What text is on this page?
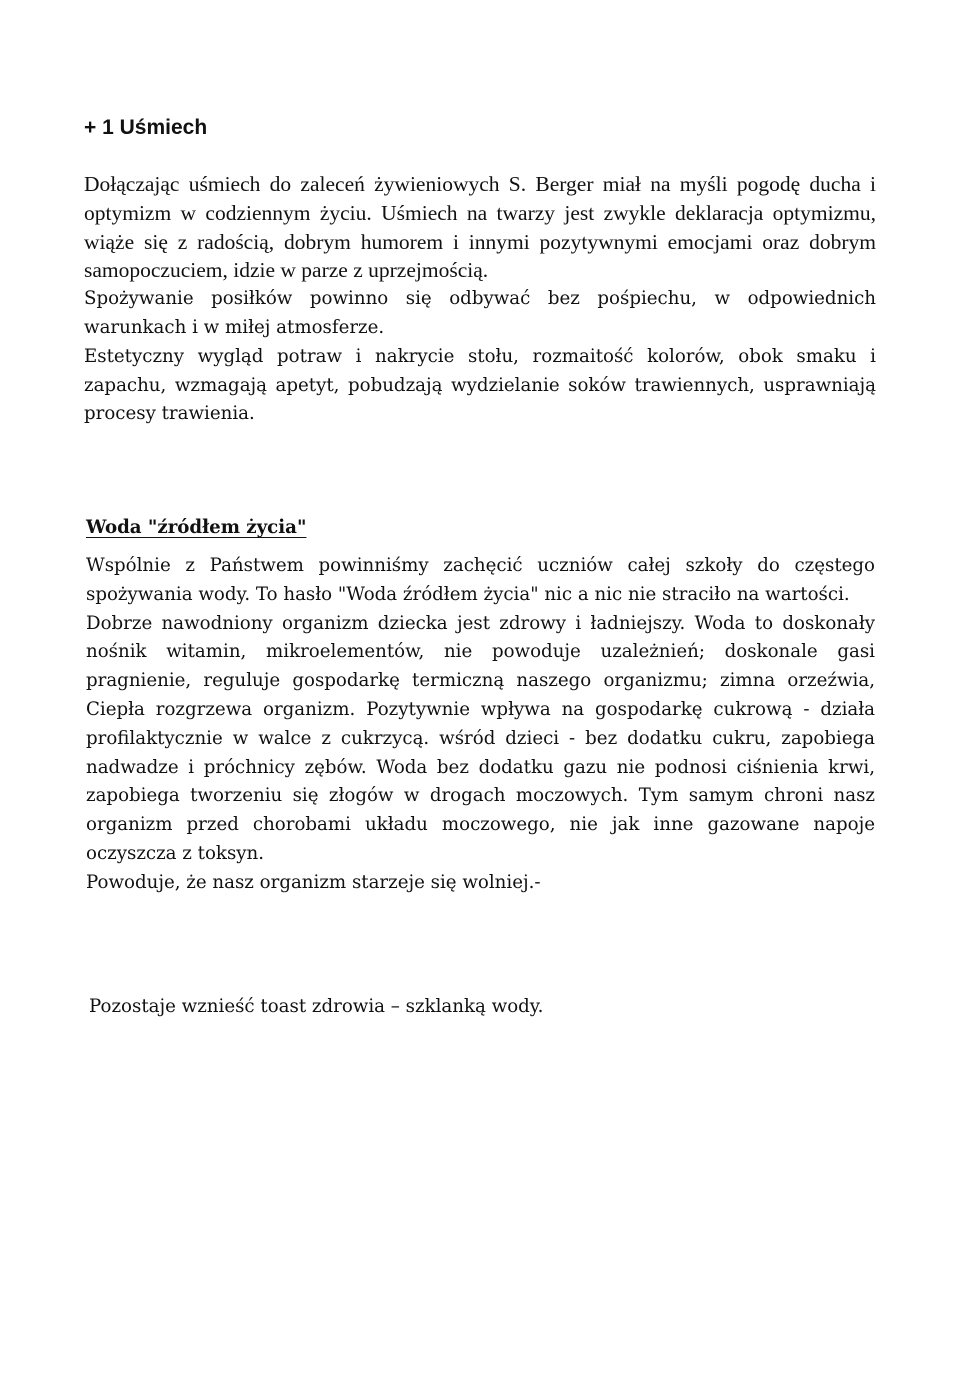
+ 1 Uśmiech

Dołączając uśmiech do zaleceń żywieniowych S. Berger miał na myśli pogodę ducha i optymizm w codziennym życiu. Uśmiech na twarzy jest zwykle deklaracja optymizmu, wiąże się z radością, dobrym humorem i innymi pozytywnymi emocjami oraz dobrym samopoczuciem, idzie w parze z uprzejmością.

Spożywanie posiłków powinno się odbywać bez pośpiechu, w odpowiednich warunkach i w miłej atmosferze.

Estetyczny wygląd potraw i nakrycie stołu, rozmaitość kolorów, obok smaku i zapachu, wzmagają apetyt, pobudzają wydzielanie soków trawiennych, usprawniają procesy trawienia.

Woda "źródłem życia"

Wspólnie z Państwem powinniśmy zachęcić uczniów całej szkoły do częstego spożywania wody. To hasło "Woda źródłem życia" nic a nic nie straciło na wartości.

Dobrze nawodniony organizm dziecka jest zdrowy i ładniejszy. Woda to doskonały nośnik witamin, mikroelementów, nie powoduje uzależnień; doskonale gasi pragnienie, reguluje gospodarkę termiczną naszego organizmu; zimna orzeźwia, Ciepła rozgrzewa organizm. Pozytywnie wpływa na gospodarkę cukrową - działa profilaktycznie w walce z cukrzycą. wśród dzieci - bez dodatku cukru, zapobiega nadwadze i próchnicy zębów. Woda bez dodatku gazu nie podnosi ciśnienia krwi, zapobiega tworzeniu się złogów w drogach moczowych. Tym samym chroni nasz organizm przed chorobami układu moczowego, nie jak inne gazowane napoje oczyszcza z toksyn.

Powoduje, że nasz organizm starzeje się wolniej.-

Pozostaje wznieść toast zdrowia – szklanką wody.
